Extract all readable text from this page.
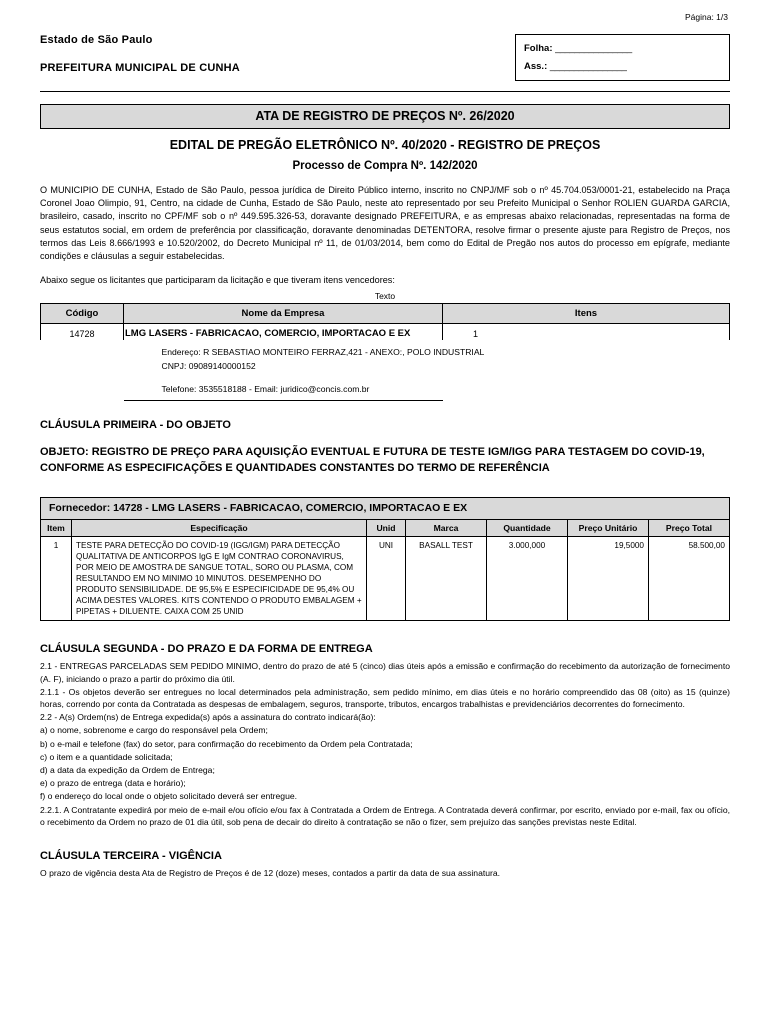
Página: 1/3
Estado de São Paulo
PREFEITURA MUNICIPAL DE CUNHA
Folha: ________________
Ass.: ________________
ATA DE REGISTRO DE PREÇOS Nº. 26/2020
EDITAL DE PREGÃO ELETRÔNICO Nº. 40/2020 - REGISTRO DE PREÇOS
Processo de Compra Nº. 142/2020
O MUNICIPIO DE CUNHA, Estado de São Paulo, pessoa jurídica de Direito Público interno, inscrito no CNPJ/MF sob o nº 45.704.053/0001-21, estabelecido na Praça Coronel Joao Olimpio, 91, Centro, na cidade de Cunha, Estado de São Paulo, neste ato representado por seu Prefeito Municipal o Senhor ROLIEN GUARDA GARCIA, brasileiro, casado, inscrito no CPF/MF sob o nº 449.595.326-53, doravante designado PREFEITURA, e as empresas abaixo relacionadas, representadas na forma de seus estatutos social, em ordem de preferência por classificação, doravante denominadas DETENTORA, resolve firmar o presente ajuste para Registro de Preços, nos termos das Leis 8.666/1993 e 10.520/2002, do Decreto Municipal nº 11, de 01/03/2014, bem como do Edital de Pregão nos autos do processo em epígrafe, mediante condições e cláusulas a seguir estabelecidas.
Abaixo segue os licitantes que participaram da licitação e que tiveram itens vencedores:
Texto
Código	Nome da Empresa	Itens
14728	LMG LASERS - FABRICACAO, COMERCIO, IMPORTACAO E EX	1
	Endereço: R SEBASTIAO MONTEIRO FERRAZ,421 - ANEXO:, POLO INDUSTRIAL	
	CNPJ: 09089140000152	
	Telefone: 3535518188 - Email: juridico@concis.com.br	
CLÁUSULA PRIMEIRA - DO OBJETO
OBJETO: REGISTRO DE PREÇO PARA AQUISIÇÃO EVENTUAL E FUTURA DE TESTE IGM/IGG PARA TESTAGEM DO COVID-19, CONFORME AS ESPECIFICAÇÕES E QUANTIDADES CONSTANTES DO TERMO DE REFERÊNCIA
Fornecedor: 14728 - LMG LASERS - FABRICACAO, COMERCIO, IMPORTACAO E EX
Item	Especificação	Unid	Marca	Quantidade	Preço Unitário	Preço Total
1	TESTE PARA DETECÇÃO DO COVID-19 (IGG/IGM) PARA DETECÇÃO QUALITATIVA DE ANTICORPOS IgG E IgM CONTRAO CORONAVIRUS, POR MEIO DE AMOSTRA DE SANGUE TOTAL, SORO OU PLASMA, COM RESULTANDO EM NO MINIMO 10 MINUTOS. DESEMPENHO DO PRODUTO SENSIBILIDADE. DE 95,5% E ESPECIFICIDADE DE 95,4% OU ACIMA DESTES VALORES. KITS CONTENDO O PRODUTO EMBALAGEM + PIPETAS + DILUENTE. CAIXA COM 25 UNID	UNI	BASALL TEST	3.000,000	19,5000	58.500,00
CLÁUSULA SEGUNDA - DO PRAZO E DA FORMA DE ENTREGA

2.1 - ENTREGAS PARCELADAS SEM PEDIDO MINIMO, dentro do prazo de até 5 (cinco) dias úteis após a emissão e confirmação do recebimento da autorização de fornecimento (A. F), iniciando o prazo a partir do próximo dia útil.

2.1.1 - Os objetos deverão ser entregues no local determinados pela administração, sem pedido mínimo, em dias úteis e no horário compreendido das 08 (oito) as 15 (quinze) horas, correndo por conta da Contratada as despesas de embalagem, seguros, transporte, tributos, encargos trabalhistas e previdenciários decorrentes do fornecimento.

2.2 - A(s) Ordem(ns) de Entrega expedida(s) após a assinatura do contrato indicará(ão):

a) o nome, sobrenome e cargo do responsável pela Ordem;

b) o e-mail e telefone (fax) do setor, para confirmação do recebimento da Ordem pela Contratada;

c) o item e a quantidade solicitada;

d) a data da expedição da Ordem de Entrega;

e) o prazo de entrega (data e horário);

f) o endereço do local onde o objeto solicitado deverá ser entregue.

2.2.1. A Contratante expedirá por meio de e-mail e/ou ofício e/ou fax à Contratada a Ordem de Entrega. A Contratada deverá confirmar, por escrito, enviado por e-mail, fax ou ofício, o recebimento da Ordem no prazo de 01 dia útil, sob pena de decair do direito à contratação se não o fizer, sem prejuízo das sanções previstas neste Edital.

CLÁUSULA TERCEIRA - VIGÊNCIA

O prazo de vigência desta Ata de Registro de Preços é de 12 (doze) meses, contados a partir da data de sua assinatura.
